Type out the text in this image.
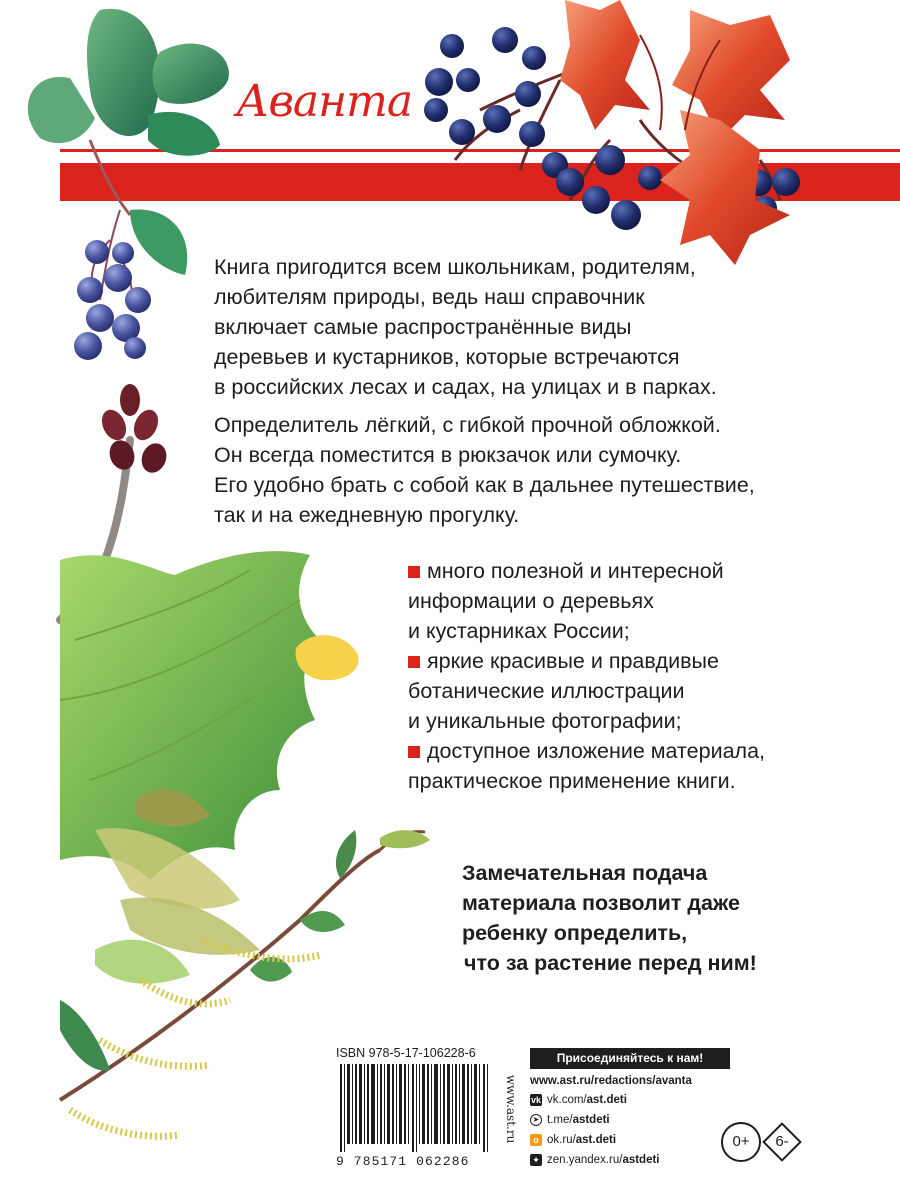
Аванта
Книга пригодится всем школьникам, родителям,
любителям природы, ведь наш справочник
включает самые распространённые виды
деревьев и кустарников, которые встречаются
в российских лесах и садах, на улицах и в парках.
Определитель лёгкий, с гибкой прочной обложкой.
Он всегда поместится в рюкзачок или сумочку.
Его удобно брать с собой как в дальнее путешествие,
так и на ежедневную прогулку.
много полезной и интересной
информации о деревьях
и кустарниках России;
яркие красивые и правдивые
ботанические иллюстрации
и уникальные фотографии;
доступное изложение материала,
практическое применение книги.
Замечательная подача
материала позволит даже
ребенку определить,
что за растение перед ним!
ISBN 978-5-17-106228-6
9 785171 062286
www.ast.ru
Присоединяйтесь к нам!
www.ast.ru/redactions/avanta
vk vk.com/ ast.deti
➤ t.me/ astdeti
o ok.ru/ ast.deti
✦ zen.yandex.ru/ astdeti
0+	6-
